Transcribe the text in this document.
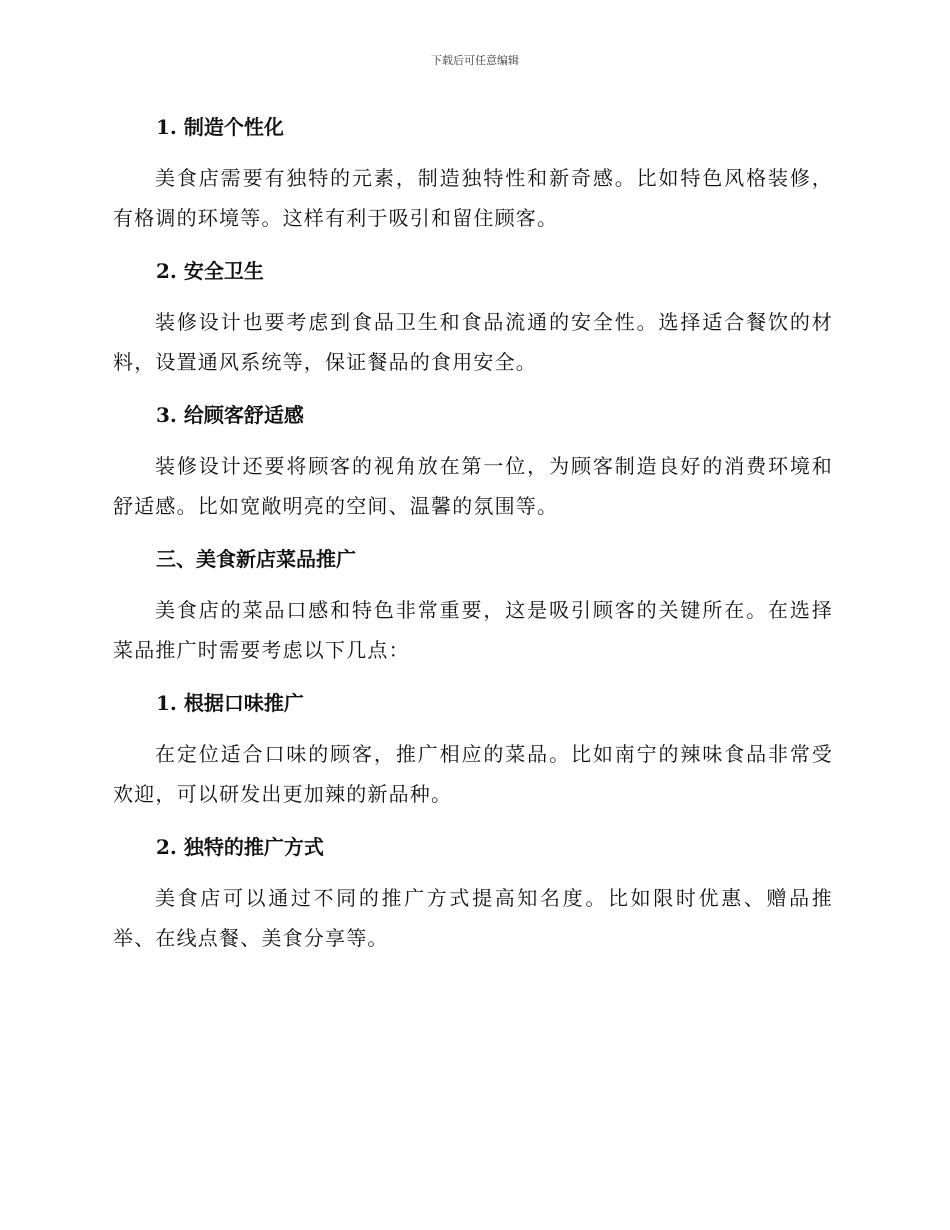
下载后可任意编辑
1. 制造个性化

美食店需要有独特的元素，制造独特性和新奇感。比如特色风格装修，有格调的环境等。这样有利于吸引和留住顾客。

2. 安全卫生

装修设计也要考虑到食品卫生和食品流通的安全性。选择适合餐饮的材料，设置通风系统等，保证餐品的食用安全。

3. 给顾客舒适感

装修设计还要将顾客的视角放在第一位，为顾客制造良好的消费环境和舒适感。比如宽敞明亮的空间、温馨的氛围等。

三、美食新店菜品推广

美食店的菜品口感和特色非常重要，这是吸引顾客的关键所在。在选择菜品推广时需要考虑以下几点：

1. 根据口味推广

在定位适合口味的顾客，推广相应的菜品。比如南宁的辣味食品非常受欢迎，可以研发出更加辣的新品种。

2. 独特的推广方式

美食店可以通过不同的推广方式提高知名度。比如限时优惠、赠品推举、在线点餐、美食分享等。
